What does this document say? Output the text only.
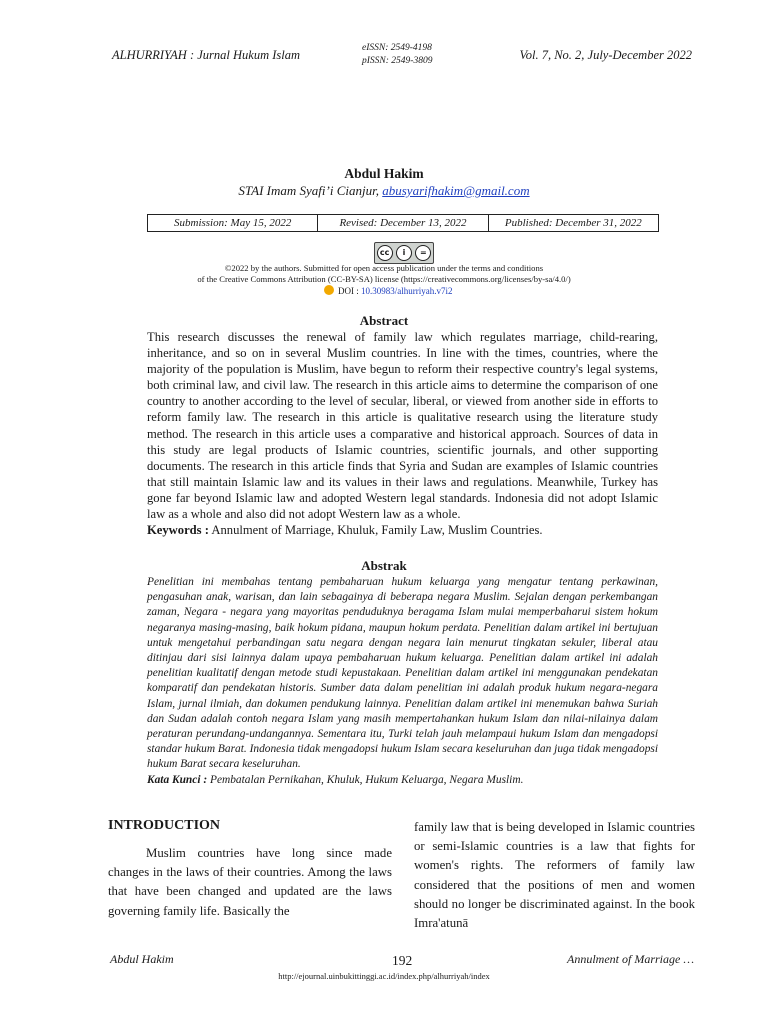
ALHURRIYAH : Jurnal Hukum Islam	eISSN: 2549-4198
pISSN: 2549-3809	Vol. 7, No. 2, July-December 2022
Abdul Hakim
STAI Imam Syafi’i Cianjur, abusyarifhakim@gmail.com
Submission: May 15, 2022	Revised: December 13, 2022	Published: December 31, 2022
cc	i	=
©2022 by the authors. Submitted for open access publication under the terms and conditions
of the Creative Commons Attribution (CC-BY-SA) license (https://creativecommons.org/licenses/by-sa/4.0/)
DOI : 10.30983/alhurriyah.v7i2
Abstract
This research discusses the renewal of family law which regulates marriage, child-rearing, inheritance, and so on in several Muslim countries. In line with the times, countries, where the majority of the population is Muslim, have begun to reform their respective country's legal systems, both criminal law, and civil law. The research in this article aims to determine the comparison of one country to another according to the level of secular, liberal, or viewed from another side in efforts to reform family law. The research in this article is qualitative research using the literature study method. The research in this article uses a comparative and historical approach. Sources of data in this study are legal products of Islamic countries, scientific journals, and other supporting documents. The research in this article finds that Syria and Sudan are examples of Islamic countries that still maintain Islamic law and its values in their laws and regulations. Meanwhile, Turkey has gone far beyond Islamic law and adopted Western legal standards. Indonesia did not adopt Islamic law as a whole and also did not adopt Western law as a whole.
Keywords : Annulment of Marriage, Khuluk, Family Law, Muslim Countries.
Abstrak
Penelitian ini membahas tentang pembaharuan hukum keluarga yang mengatur tentang perkawinan, pengasuhan anak, warisan, dan lain sebagainya di beberapa negara Muslim. Sejalan dengan perkembangan zaman, Negara - negara yang mayoritas penduduknya beragama Islam mulai memperbaharui sistem hokum negaranya masing-masing, baik hokum pidana, maupun hokum perdata. Penelitian dalam artikel ini bertujuan untuk mengetahui perbandingan satu negara dengan negara lain menurut tingkatan sekuler, liberal atau ditinjau dari sisi lainnya dalam upaya pembaharuan hukum keluarga. Penelitian dalam artikel ini adalah penelitian kualitatif dengan metode studi kepustakaan. Penelitian dalam artikel ini menggunakan pendekatan komparatif dan pendekatan historis. Sumber data dalam penelitian ini adalah produk hukum negara-negara Islam, jurnal ilmiah, dan dokumen pendukung lainnya. Penelitian dalam artikel ini menemukan bahwa Suriah dan Sudan adalah contoh negara Islam yang masih mempertahankan hukum Islam dan nilai-nilainya dalam peraturan perundang-undangannya. Sementara itu, Turki telah jauh melampaui hukum Islam dan mengadopsi standar hukum Barat. Indonesia tidak mengadopsi hukum Islam secara keseluruhan dan juga tidak mengadopsi hukum Barat secara keseluruhan.
Kata Kunci : Pembatalan Pernikahan, Khuluk, Hukum Keluarga, Negara Muslim.
INTRODUCTION
Muslim countries have long since made changes in the laws of their countries. Among the laws that have been changed and updated are the laws governing family life. Basically the
family law that is being developed in Islamic countries or semi-Islamic countries is a law that fights for women's rights. The reformers of family law considered that the positions of men and women should no longer be discriminated against. In the book Imra'atunā
Abdul Hakim	192	Annulment of Marriage …
http://ejournal.uinbukittinggi.ac.id/index.php/alhurriyah/index
